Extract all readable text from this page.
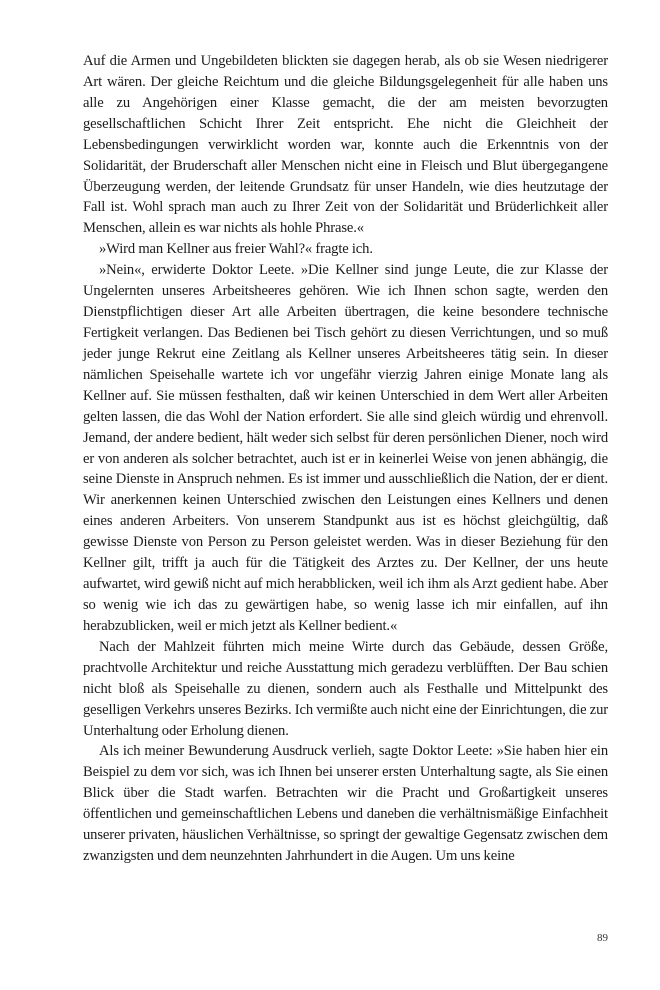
Auf die Armen und Ungebildeten blickten sie dagegen herab, als ob sie Wesen niedrigerer Art wären. Der gleiche Reichtum und die gleiche Bildungsgelegenheit für alle haben uns alle zu Angehörigen einer Klasse gemacht, die der am meisten bevorzugten gesellschaftlichen Schicht Ihrer Zeit entspricht. Ehe nicht die Gleichheit der Lebensbedingungen verwirklicht worden war, konnte auch die Erkenntnis von der Solidarität, der Bruderschaft aller Menschen nicht eine in Fleisch und Blut übergegangene Überzeugung werden, der leitende Grundsatz für unser Handeln, wie dies heutzutage der Fall ist. Wohl sprach man auch zu Ihrer Zeit von der Solidarität und Brüderlichkeit aller Menschen, allein es war nichts als hohle Phrase.«

»Wird man Kellner aus freier Wahl?« fragte ich.

»Nein«, erwiderte Doktor Leete. »Die Kellner sind junge Leute, die zur Klasse der Ungelernten unseres Arbeitsheeres gehören. Wie ich Ihnen schon sagte, werden den Dienstpflichtigen dieser Art alle Arbeiten übertragen, die keine besondere technische Fertigkeit verlangen. Das Bedienen bei Tisch gehört zu diesen Verrichtungen, und so muß jeder junge Rekrut eine Zeitlang als Kellner unseres Arbeitsheeres tätig sein. In dieser nämlichen Speisehalle wartete ich vor ungefähr vierzig Jahren einige Monate lang als Kellner auf. Sie müssen festhalten, daß wir keinen Unterschied in dem Wert aller Arbeiten gelten lassen, die das Wohl der Nation erfordert. Sie alle sind gleich würdig und ehrenvoll. Jemand, der andere bedient, hält weder sich selbst für deren persönlichen Diener, noch wird er von anderen als solcher betrachtet, auch ist er in keinerlei Weise von jenen abhängig, die seine Dienste in Anspruch nehmen. Es ist immer und ausschließlich die Nation, der er dient. Wir anerkennen keinen Unterschied zwischen den Leistungen eines Kellners und denen eines anderen Arbeiters. Von unserem Standpunkt aus ist es höchst gleichgültig, daß gewisse Dienste von Person zu Person geleistet werden. Was in dieser Beziehung für den Kellner gilt, trifft ja auch für die Tätigkeit des Arztes zu. Der Kellner, der uns heute aufwartet, wird gewiß nicht auf mich herabblicken, weil ich ihm als Arzt gedient habe. Aber so wenig wie ich das zu gewärtigen habe, so wenig lasse ich mir einfallen, auf ihn herabzublicken, weil er mich jetzt als Kellner bedient.«

Nach der Mahlzeit führten mich meine Wirte durch das Gebäude, dessen Größe, prachtvolle Architektur und reiche Ausstattung mich geradezu verblüfften. Der Bau schien nicht bloß als Speisehalle zu dienen, sondern auch als Festhalle und Mittelpunkt des geselligen Verkehrs unseres Bezirks. Ich vermißte auch nicht eine der Einrichtungen, die zur Unterhaltung oder Erholung dienen.

Als ich meiner Bewunderung Ausdruck verlieh, sagte Doktor Leete: »Sie haben hier ein Beispiel zu dem vor sich, was ich Ihnen bei unserer ersten Unterhaltung sagte, als Sie einen Blick über die Stadt warfen. Betrachten wir die Pracht und Großartigkeit unseres öffentlichen und gemeinschaftlichen Lebens und daneben die verhältnismäßige Einfachheit unserer privaten, häuslichen Verhältnisse, so springt der gewaltige Gegensatz zwischen dem zwanzigsten und dem neunzehnten Jahrhundert in die Augen. Um uns keine

89
